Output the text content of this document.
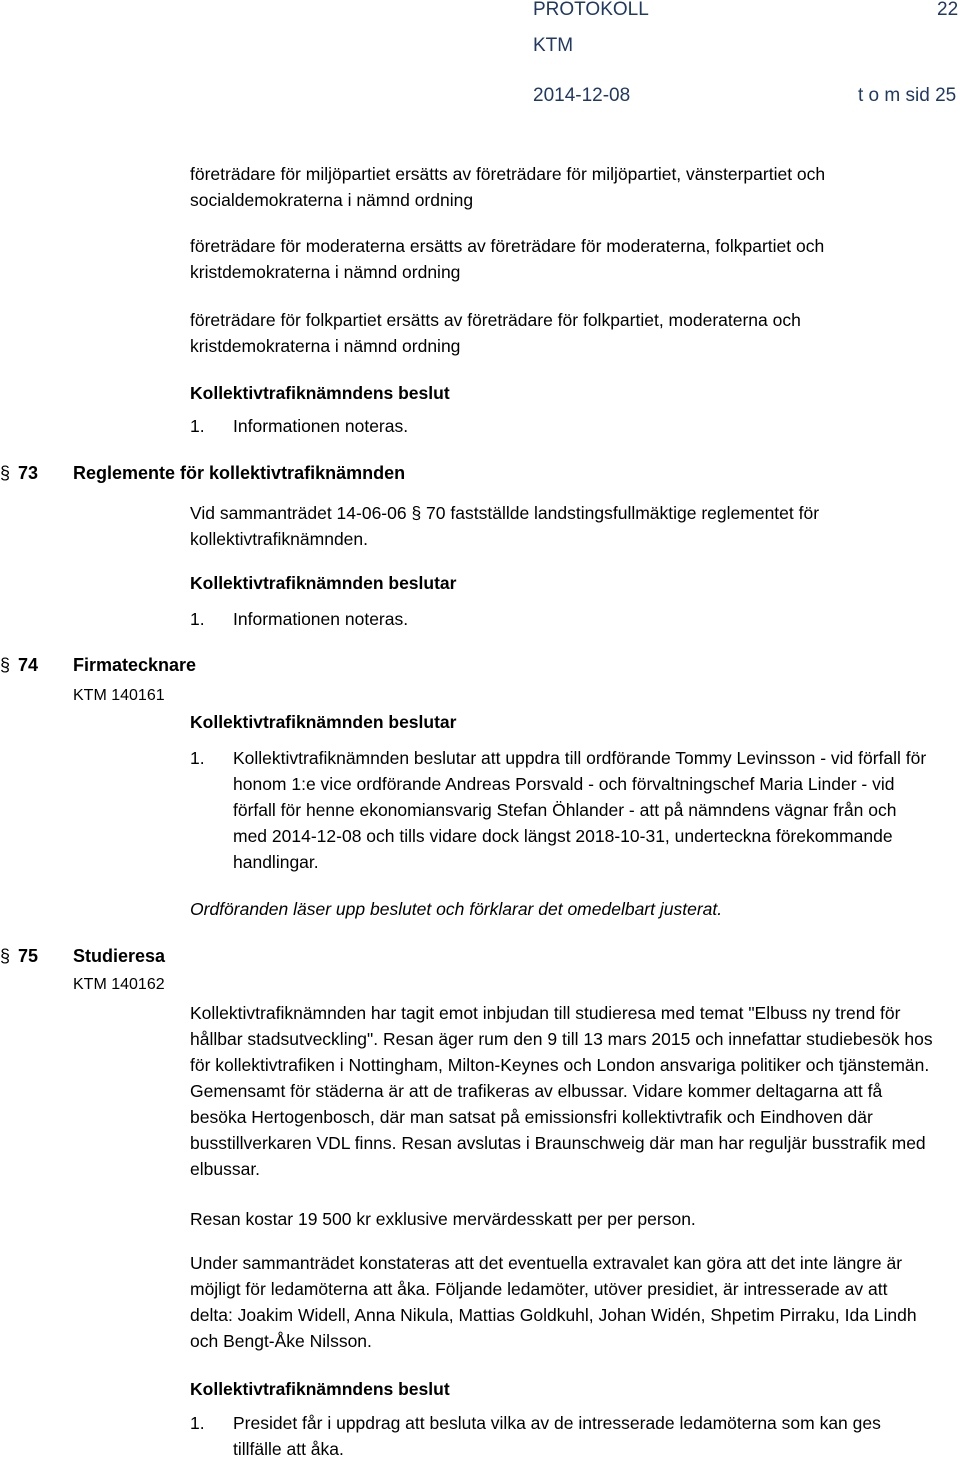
PROTOKOLL	22
KTM
2014-12-08	t o m sid 25
företrädare för miljöpartiet ersätts av företrädare för miljöpartiet, vänsterpartiet och socialdemokraterna i nämnd ordning
företrädare för moderaterna ersätts av företrädare för moderaterna, folkpartiet och kristdemokraterna i nämnd ordning
företrädare för folkpartiet ersätts av företrädare för folkpartiet, moderaterna och kristdemokraterna i nämnd ordning
Kollektivtrafiknämndens beslut
1.	Informationen noteras.
§ 73 Reglemente för kollektivtrafiknämnden
Vid sammanträdet 14-06-06 § 70 fastställde landstingsfullmäktige reglementet för kollektivtrafiknämnden.
Kollektivtrafiknämnden beslutar
1.	Informationen noteras.
§ 74 Firmatecknare
KTM 140161
Kollektivtrafiknämnden beslutar
1.	Kollektivtrafiknämnden beslutar att uppdra till ordförande Tommy Levinsson - vid förfall för honom 1:e vice ordförande Andreas Porsvald - och förvaltningschef Maria Linder - vid förfall för henne ekonomiansvarig Stefan Öhlander - att på nämndens vägnar från och med 2014-12-08 och tills vidare dock längst 2018-10-31, underteckna förekommande handlingar.
Ordföranden läser upp beslutet och förklarar det omedelbart justerat.
§ 75 Studieresa
KTM 140162
Kollektivtrafiknämnden har tagit emot inbjudan till studieresa med temat "Elbuss ny trend för hållbar stadsutveckling". Resan äger rum den 9 till 13 mars 2015 och innefattar studiebesök hos för kollektivtrafiken i Nottingham, Milton-Keynes och London ansvariga politiker och tjänstemän. Gemensamt för städerna är att de trafikeras av elbussar. Vidare kommer deltagarna att få besöka Hertogenbosch, där man satsat på emissionsfri kollektivtrafik och Eindhoven där busstillverkaren VDL finns. Resan avslutas i Braunschweig där man har reguljär busstrafik med elbussar.
Resan kostar 19 500 kr exklusive mervärdesskatt per per person.
Under sammanträdet konstateras att det eventuella extravalet kan göra att det inte längre är möjligt för ledamöterna att åka. Följande ledamöter, utöver presidiet, är intresserade av att delta: Joakim Widell, Anna Nikula, Mattias Goldkuhl, Johan Widén, Shpetim Pirraku, Ida Lindh och Bengt-Åke Nilsson.
Kollektivtrafiknämndens beslut
1.	Presidet får i uppdrag att besluta vilka av de intresserade ledamöterna som kan ges tillfälle att åka.
